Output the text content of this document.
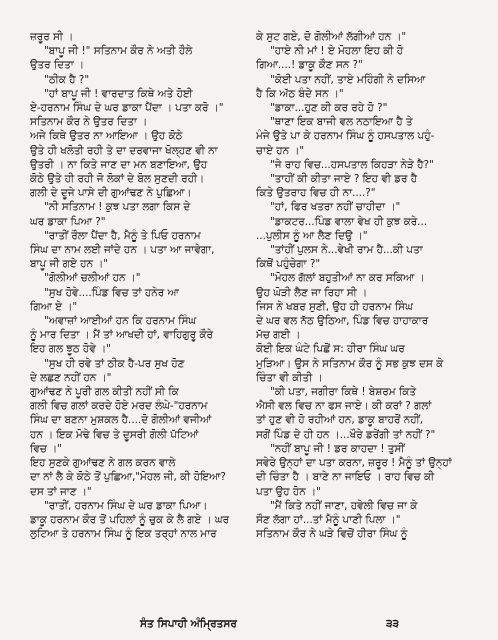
ਜ਼ਰੂਰ ਸੀ ।
"ਬਾਪੂ ਜੀ !" ਸਤਿਨਾਮ ਕੌਰ ਨੇ ਅਤੀ ਹੌਲੇ
ਉਤਰ ਦਿਤਾ ।
"ਠੀਕ ਹੈ ?"
"ਹਾਂ ਬਾਪੂ ਜੀ ! ਵਾਰਦਾਤ ਕਿਥੇ ਅਤੇ ਹੋਈ
ਏ-ਹਰਨਾਮ ਸਿੰਘ ਦੇ ਘਰ ਡਾਕਾ ਪੈਂਦਾ । ਪਤਾ ਕਰੋ ।"
ਸਤਿਨਾਮ ਕੌਰ ਨੇ ਉਤਰ ਦਿਤਾ ।
ਅਜੇ ਕਿਥੇ ਉਤਰ ਨਾ ਆਇਆ । ਉਹ ਕੋਠੇ
ਉਤੇ ਹੀ ਖਲੋਤੀ ਰਹੀ ਤੇ ਦਾ ਦਰਵਾਜਾ ਖੋਲ੍ਹਣ ਵੀ ਨਾ
ਉਤਰੀ । ਨਾ ਕਿਤੇ ਜਾਣ ਦਾ ਮਨ ਬਣਾਇਆ, ਉਹ
ਕੋਠੇ ਉਤੇ ਹੀ ਰਹੀ ਜੋ ਲੋਕਾਂ ਦੇ ਬੋਲ ਸੁਣਦੀ ਰਹੀ।
ਗਲੀ ਦੇ ਦੂਜੇ ਪਾਸੇ ਦੀ ਗੁਆਂਢਣ ਨੇ ਪੁਛਿਆ।
"ਨੀ ਸਤਿਨਾਮ ! ਕੁਝ ਪਤਾ ਲਗਾ ਕਿਸ ਦੇ
ਘਰ ਡਾਕਾ ਪਿਆ ?"
"ਰਾਤੀਂ ਰੌਲਾ ਪੈਂਦਾ ਹੈ, ਮੈਨੂੰ ਤੇ ਪਿਓ ਹਰਨਾਮ
ਸਿੰਘ ਦਾ ਨਾਮ ਲਈ ਜਾਂਦੇ ਹਨ । ਪਤਾ ਆ ਜਾਵੇਗਾ,
ਬਾਪੂ ਜੀ ਗਏ ਹਨ ।"
"ਗੋਲੀਆਂ ਚਲੀਆਂ ਹਨ ।"
"ਸੁਖ ਹੋਵੇ....ਪਿੰਡ ਵਿਚ ਤਾਂ ਹਨੇਰ ਆ
ਗਿਆ ਏ ।"
"ਅਵਾਜ਼ਾਂ ਆਈਆਂ ਹਨ ਕਿ ਹਰਨਾਮ ਸਿੰਘ
ਨੂੰ ਮਾਰ ਦਿਤਾ । ਮੈਂ ਤਾਂ ਆਖਦੀ ਹਾਂ, ਵਾਹਿਗੁਰੂ ਕੌਰੇ
ਇਹ ਗਲ ਝੂਠ ਹੋਵੇ ।"
"ਸੁਖ ਹੀ ਰਵੇ ਤਾਂ ਠੀਕ ਹੈ-ਪਰ ਸੁਖ ਹੋਣ
ਦੇ ਲਛਣ ਨਹੀਂ ਹਨ ।"
ਗੁਆਂਢਣ ਨੇ ਪੂਰੀ ਗਲ ਕੀਤੀ ਨਹੀਂ ਸੀ ਕਿ
ਗਲੀ ਵਿਚ ਗਲਾਂ ਕਰਦੇ ਹੋਏ ਮਰਦ ਲੰਘੇ-"ਹਰਨਾਮ
ਸਿੰਘ ਦਾ ਬਣਨਾ ਮੁਸ਼ਕਲ ਹੈ....ਦੋ ਗੋਲੀਆਂ ਵਜੀਆਂ
ਹਨ । ਇਕ ਮੋਢੇ ਵਿਚ ਤੇ ਦੂਸਰੀ ਗੋਲੀ ਪੱਟਿਆਂ
ਵਿਚ ।"
ਇਹ ਸੁਣਕੇ ਗੁਆਂਢਣ ਨੇ ਗਲ ਕਰਨ ਵਾਲੇ
ਦਾ ਨਾਂ ਲੈ ਕੇ ਕੋਠੇ ਤੋਂ ਪੁਛਿਆ,"ਮੋਹਲ ਜੀ, ਕੀ ਹੋਇਆ?
ਦਸ ਤਾਂ ਜਾਣ ।"
"ਰਾਤੀਂ, ਹਰਨਾਮ ਸਿੰਘ ਦੇ ਘਰ ਡਾਕਾ ਪਿਆ।
ਡਾਕੂ ਹਰਨਾਮ ਕੌਰ ਤੋਂ ਪਹਿਲਾਂ ਨੂੰ ਚੁਕ ਕੇ ਲੈ ਗਏ । ਘਰ
ਲੁਟਿਆ ਤੇ ਹਰਨਾਮ ਸਿੰਘ ਨੂੰ ਇਕ ਤਰ੍ਹਾਂ ਨਾਲ ਮਾਰ
ਕੇ ਸੁਟ ਗਏ, ਦੋ ਗੋਲੀਆਂ ਲੱਗੀਆਂ ਹਨ ।"
"ਹਾਏ ਨੀ ਮਾਂ ! ਏ ਮੋਹਲਾ ਇਹ ਕੀ ਹੋ
ਗਿਆ....! ਡਾਕੂ ਕੌਣ ਸਨ ?"
"ਕੋਈ ਪਤਾ ਨਹੀਂ, ਤਾਏ ਮਹਿੰਗੀ ਨੇ ਦਸਿਆ
ਹੈ ਕਿ ਅੱਠ ਬੰਦੇ ਸਨ ।"
"ਡਾਕਾ...ਹੁਣ ਕੀ ਕਰ ਰਹੇ ਹੋ ?"
"ਥਾਣਾ ਇਕ ਬਾਜੀ ਵਲ ਨਠਾਇਆ ਹੈ ਤੇ
ਮੰਜੇ ਉਤੇ ਪਾ ਕੇ ਹਰਨਾਮ ਸਿੰਘ ਨੂੰ ਹਸਪਤਾਲ ਪਹੁੰ-
ਚਾਏ ਹਨ ।"
"ਜੇ ਰਾਹ ਵਿਚ...ਹਸਪਤਾਲ ਕਿਹੜਾ ਨੇੜੇ ਹੈ?"
"ਤਾਹੀਂ ਕੀ ਕੀਤਾ ਜਾਏ ? ਇਹ ਵੀ ਡਰ ਹੈ
ਕਿਤੇ ਉਤਰਾਹ ਵਿਚ ਹੀ ਨਾ....?"
"ਹਾਂ, ਫਿਰ ਖਤਰਾ ਨਹੀਂ ਚਾਹੀਦਾ ।"
"ਡਾਕਟਰ...ਪਿੰਡ ਵਾਲਾ ਵੇਖ ਹੀ ਕੁਝ ਕਰੇ...
...ਪੁਲੀਸ ਨੂੰ ਆ ਲੈਣ ਦਿਉ ।"
"ਤਾਂਹੀਂ ਪੁਲਸ ਨੇ...ਵੇਖੀ ਰਾਮ ਹੈ...ਕੀ ਪਤਾ
ਕਿਥੋਂ ਪਹੁੰਚੇਗਾ ?"
"ਮੋਹਲ ਗੱਲਾਂ ਬਹੁਤੀਆਂ ਨਾ ਕਰ ਸਕਿਆ ।
ਉਹ ਘੋੜੀ ਲੈਣ ਜਾ ਰਿਹਾ ਸੀ ।
ਜਿਸ ਨੇ ਖਬਰ ਸੁਣੀ, ਉਹ ਹੀ ਹਰਨਾਮ ਸਿੰਘ
ਦੇ ਘਰ ਵਲ ਨੱਠ ਉਠਿਆ, ਪਿੰਡ ਵਿਚ ਹਾਹਾਕਾਰ
ਮੱਚ ਗਈ ।
ਕੋਈ ਇਕ ਘੰਟੇ ਪਿਛੋਂ ਸ: ਹੀਰਾ ਸਿੰਘ ਘਰ
ਮੁੜਿਆ। ਉਸ ਨੇ ਸਤਿਨਾਮ ਕੌਰ ਨੂੰ ਸਭ ਕੁਝ ਦਸ ਕੇ
ਚਿੰਤਾ ਵੀ ਕੀਤੀ ।
"ਕੀ ਪਤਾ, ਜਗੀਰਾ ਕਿਥੇ ! ਬੇਸ਼ਰਮ ਕਿਤੇ
ਐਸੀ ਵਲ ਵਿਚ ਨਾ ਫਸ ਜਾਏ। ਕੀ ਕਰਾਂ ? ਗਲਾਂ
ਤਾਂ ਹੁਣ ਵੀ ਹੋ ਰਹੀਆਂ ਹਨ, ਡਾਕੂ ਬਾਹਰੋਂ ਨਹੀਂ,
ਸਗੋਂ ਪਿੰਡ ਦੇ ਹੀ ਹਨ ।...ਖੌਰੇ ਡਰੇਂਗੀ ਤਾਂ ਨਹੀਂ ?"
"ਨਹੀਂ ਬਾਪੂ ਜੀ ! ਡਰ ਕਾਹਦਾ ! ਤੁਸੀਂ
ਸਵੇਰੇ ਉਨ੍ਹਾਂ ਦਾ ਪਤਾ ਕਰਨਾ, ਜ਼ਰੂਰ ! ਮੈਨੂੰ ਤਾਂ ਉਨ੍ਹਾਂ
ਦੀ ਚਿੰਤਾ ਹੈ । ਬਾਣੇ ਨਾ ਜਾਇਓ । ਰਾਹ ਵਿਚ ਕੀ
ਪਤਾ ਉਹ ਹੋਨ ।"
"ਮੈਂ ਕਿਤੇ ਨਹੀਂ ਜਾਣਾ, ਹਵੇਲੀ ਵਿਚ ਜਾ ਕੇ
ਸੌਣ ਲੱਗਾ ਹਾਂ...ਤਾਂ ਮੈਨੂੰ ਪਾਣੀ ਪਿਲਾ ।"
ਸਤਿਨਾਮ ਕੌਰ ਨੇ ਘੜੇ ਵਿਚੋਂ ਹੀਰਾ ਸਿੰਘ ਨੂੰ
ਸੰਤ ਸਿਪਾਹੀ ਅੰਮ੍ਰਿਤਸਰ	੩੩
